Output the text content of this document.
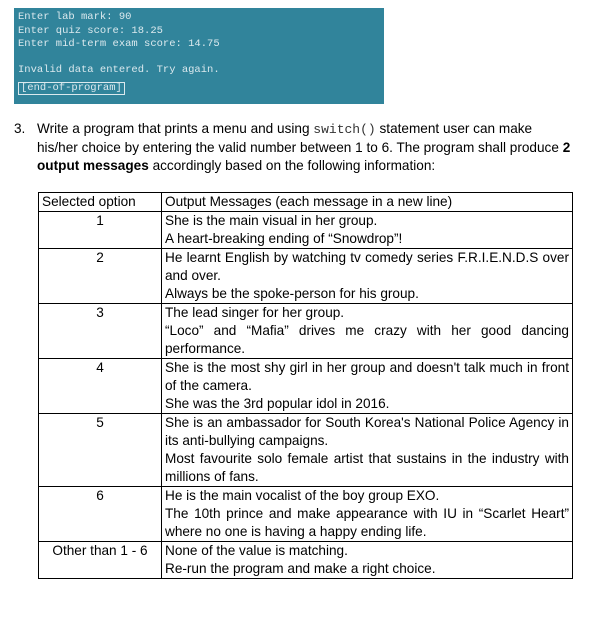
Enter lab mark: 90
Enter quiz score: 18.25
Enter mid-term exam score: 14.75
Invalid data entered. Try again.
[end-of-program]
3. Write a program that prints a menu and using switch() statement user can make his/her choice by entering the valid number between 1 to 6. The program shall produce 2 output messages accordingly based on the following information:
Selected option	Output Messages (each message in a new line)
1	She is the main visual in her group.
A heart-breaking ending of “Snowdrop”!

2	He learnt English by watching tv comedy series F.R.I.E.N.D.S over and over.
Always be the spoke-person for his group.

3	The lead singer for her group.
“Loco” and “Mafia” drives me crazy with her good dancing performance.

4	She is the most shy girl in her group and doesn't talk much in front of the camera.
She was the 3rd popular idol in 2016.

5	She is an ambassador for South Korea's National Police Agency in its anti-bullying campaigns.
Most favourite solo female artist that sustains in the industry with millions of fans.

6	He is the main vocalist of the boy group EXO.
The 10th prince and make appearance with IU in “Scarlet Heart” where no one is having a happy ending life.

Other than 1 - 6	None of the value is matching.
Re-run the program and make a right choice.
